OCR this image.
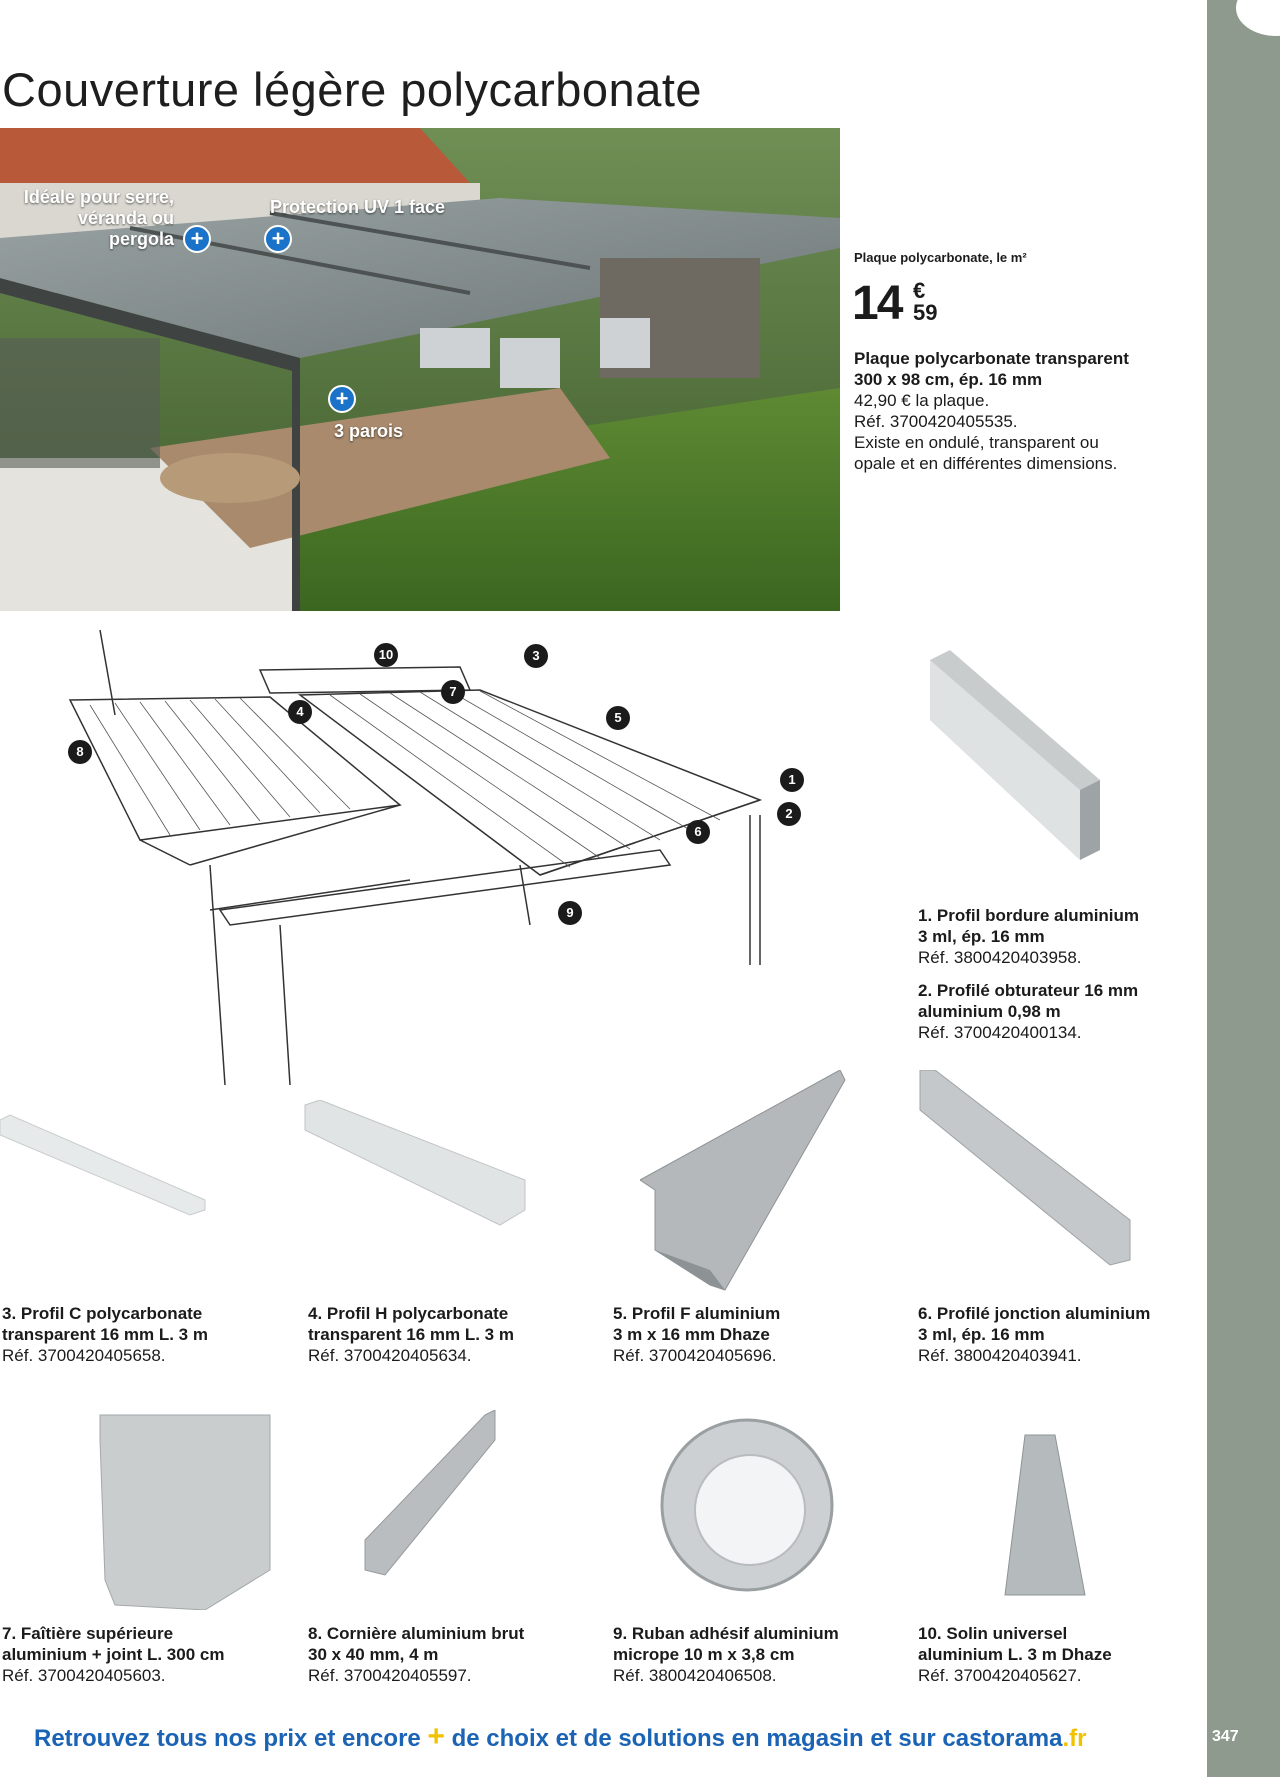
347
Couverture légère polycarbonate
Idéale pour serre,
véranda ou
pergola +
Protection UV 1 face
+
+
3 parois
Plaque polycarbonate, le m²
14 €
59
Plaque polycarbonate transparent
300 x 98 cm, ép. 16 mm
42,90 € la plaque.
Réf. 3700420405535.
Existe en ondulé, transparent ou
opale et en différentes dimensions.
10	3
7
4	5
8
1
2
6
9	1. Profil bordure aluminium
3 ml, ép. 16 mm
Réf. 3800420403958.
2. Profilé obturateur 16 mm
aluminium 0,98 m
Réf. 3700420400134.
3. Profil C polycarbonate
transparent 16 mm L. 3 m
Réf. 3700420405658.
4. Profil H polycarbonate
transparent 16 mm L. 3 m
Réf. 3700420405634.
5. Profil F aluminium
3 m x 16 mm Dhaze
Réf. 3700420405696.
6. Profilé jonction aluminium
3 ml, ép. 16 mm
Réf. 3800420403941.
7. Faîtière supérieure
aluminium + joint L. 300 cm
Réf. 3700420405603.
8. Cornière aluminium brut
30 x 40 mm, 4 m
Réf. 3700420405597.
9. Ruban adhésif aluminium
micrope 10 m x 3,8 cm
Réf. 3800420406508.
10. Solin universel
aluminium L. 3 m Dhaze
Réf. 3700420405627.
Retrouvez tous nos prix et encore + de choix et de solutions en magasin et sur castorama.fr
